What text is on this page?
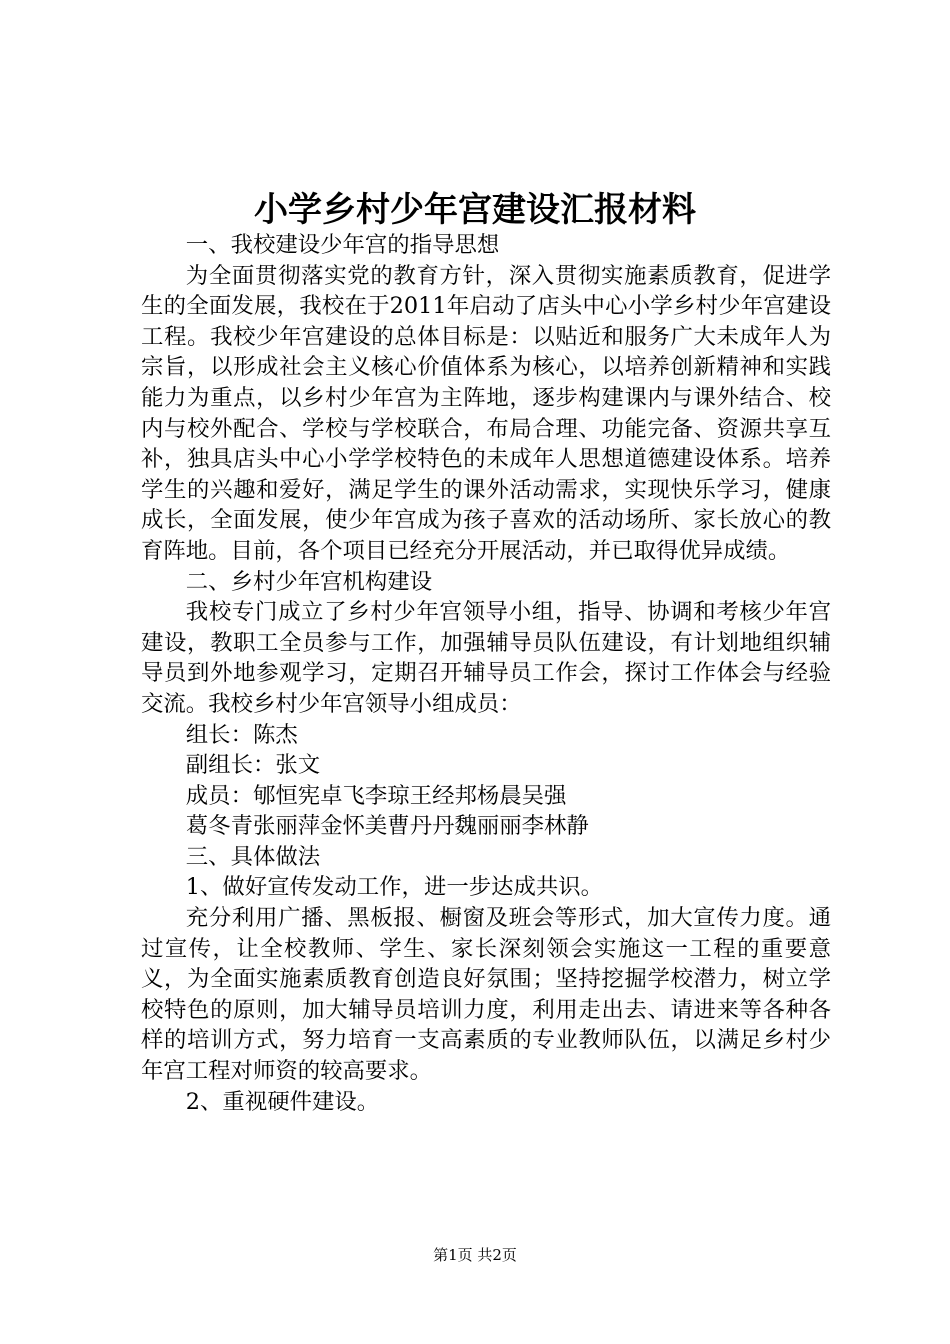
小学乡村少年宫建设汇报材料

一、我校建设少年宫的指导思想

为全面贯彻落实党的教育方针，深入贯彻实施素质教育，促进学生的全面发展，我校在于2011年启动了店头中心小学乡村少年宫建设工程。我校少年宫建设的总体目标是：以贴近和服务广大未成年人为宗旨，以形成社会主义核心价值体系为核心，以培养创新精神和实践能力为重点，以乡村少年宫为主阵地，逐步构建课内与课外结合、校内与校外配合、学校与学校联合，布局合理、功能完备、资源共享互补，独具店头中心小学学校特色的未成年人思想道德建设体系。培养学生的兴趣和爱好，满足学生的课外活动需求，实现快乐学习，健康成长，全面发展，使少年宫成为孩子喜欢的活动场所、家长放心的教育阵地。目前，各个项目已经充分开展活动，并已取得优异成绩。

二、乡村少年宫机构建设

我校专门成立了乡村少年宫领导小组，指导、协调和考核少年宫建设，教职工全员参与工作，加强辅导员队伍建设，有计划地组织辅导员到外地参观学习，定期召开辅导员工作会，探讨工作体会与经验交流。我校乡村少年宫领导小组成员：

组长：陈杰

副组长：张文

成员：郇恒宪卓飞李琼王经邦杨晨吴强

葛冬青张丽萍金怀美曹丹丹魏丽丽李林静

三、具体做法

1、做好宣传发动工作，进一步达成共识。

充分利用广播、黑板报、橱窗及班会等形式，加大宣传力度。通过宣传，让全校教师、学生、家长深刻领会实施这一工程的重要意义，为全面实施素质教育创造良好氛围；坚持挖掘学校潜力，树立学校特色的原则，加大辅导员培训力度，利用走出去、请进来等各种各样的培训方式，努力培育一支高素质的专业教师队伍，以满足乡村少年宫工程对师资的较高要求。

2、重视硬件建设。

第1页 共2页
